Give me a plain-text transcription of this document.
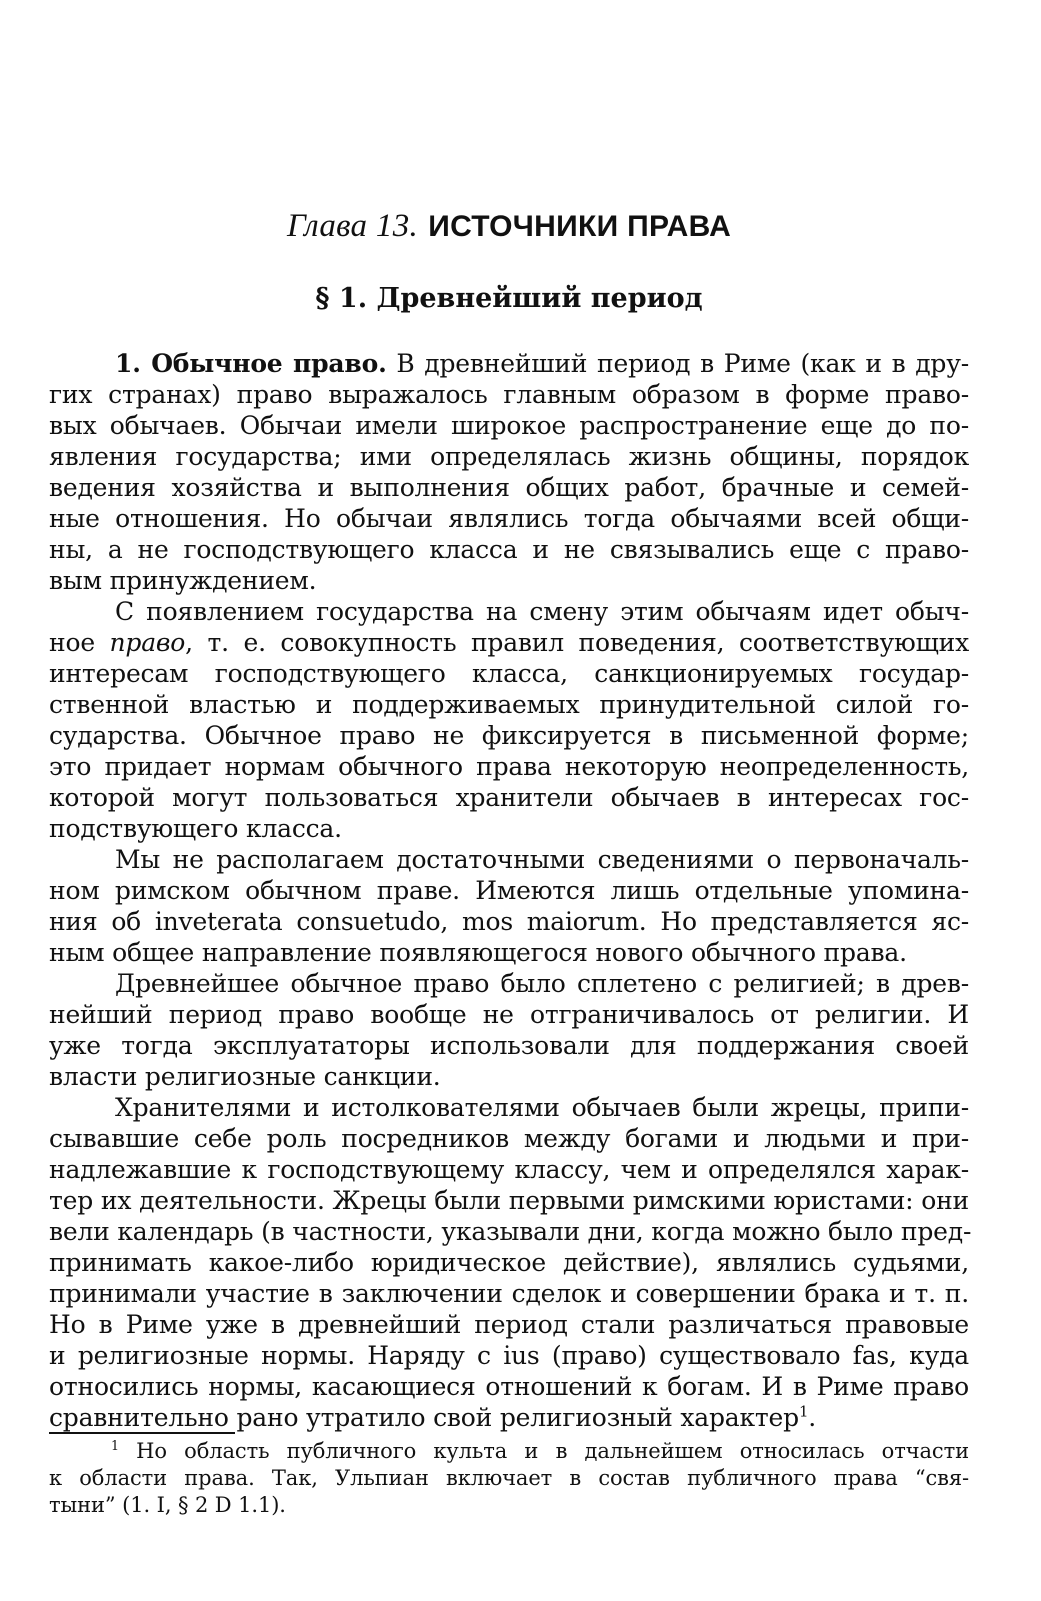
Глава 13. ИСТОЧНИКИ ПРАВА
§ 1. Древнейший период
1. Обычное право. В древнейший период в Риме (как и в дру-
гих странах) право выражалось главным образом в форме право-
вых обычаев. Обычаи имели широкое распространение еще до по-
явления государства; ими определялась жизнь общины, порядок
ведения хозяйства и выполнения общих работ, брачные и семей-
ные отношения. Но обычаи являлись тогда обычаями всей общи-
ны, а не господствующего класса и не связывались еще с право-
вым принуждением.
С появлением государства на смену этим обычаям идет обыч-
ное право, т. е. совокупность правил поведения, соответствующих
интересам господствующего класса, санкционируемых государ-
ственной властью и поддерживаемых принудительной силой го-
сударства. Обычное право не фиксируется в письменной форме;
это придает нормам обычного права некоторую неопределенность,
которой могут пользоваться хранители обычаев в интересах гос-
подствующего класса.
Мы не располагаем достаточными сведениями о первоначаль-
ном римском обычном праве. Имеются лишь отдельные упомина-
ния об inveterata consuetudo, mos maiorum. Но представляется яс-
ным общее направление появляющегося нового обычного права.
Древнейшее обычное право было сплетено с религией; в древ-
нейший период право вообще не отграничивалось от религии. И
уже тогда эксплуататоры использовали для поддержания своей
власти религиозные санкции.
Хранителями и истолкователями обычаев были жрецы, припи-
сывавшие себе роль посредников между богами и людьми и при-
надлежавшие к господствующему классу, чем и определялся харак-
тер их деятельности. Жрецы были первыми римскими юристами: они
вели календарь (в частности, указывали дни, когда можно было пред-
принимать какое-либо юридическое действие), являлись судьями,
принимали участие в заключении сделок и совершении брака и т. п.
Но в Риме уже в древнейший период стали различаться правовые
и религиозные нормы. Наряду с ius (право) существовало fas, куда
относились нормы, касающиеся отношений к богам. И в Риме право
сравнительно рано утратило свой религиозный характер$^1$.
$^1$ Но область публичного культа и в дальнейшем относилась отчасти
к области права. Так, Ульпиан включает в состав публичного права “свя-
тыни” (1. I, § 2 D 1.1).
